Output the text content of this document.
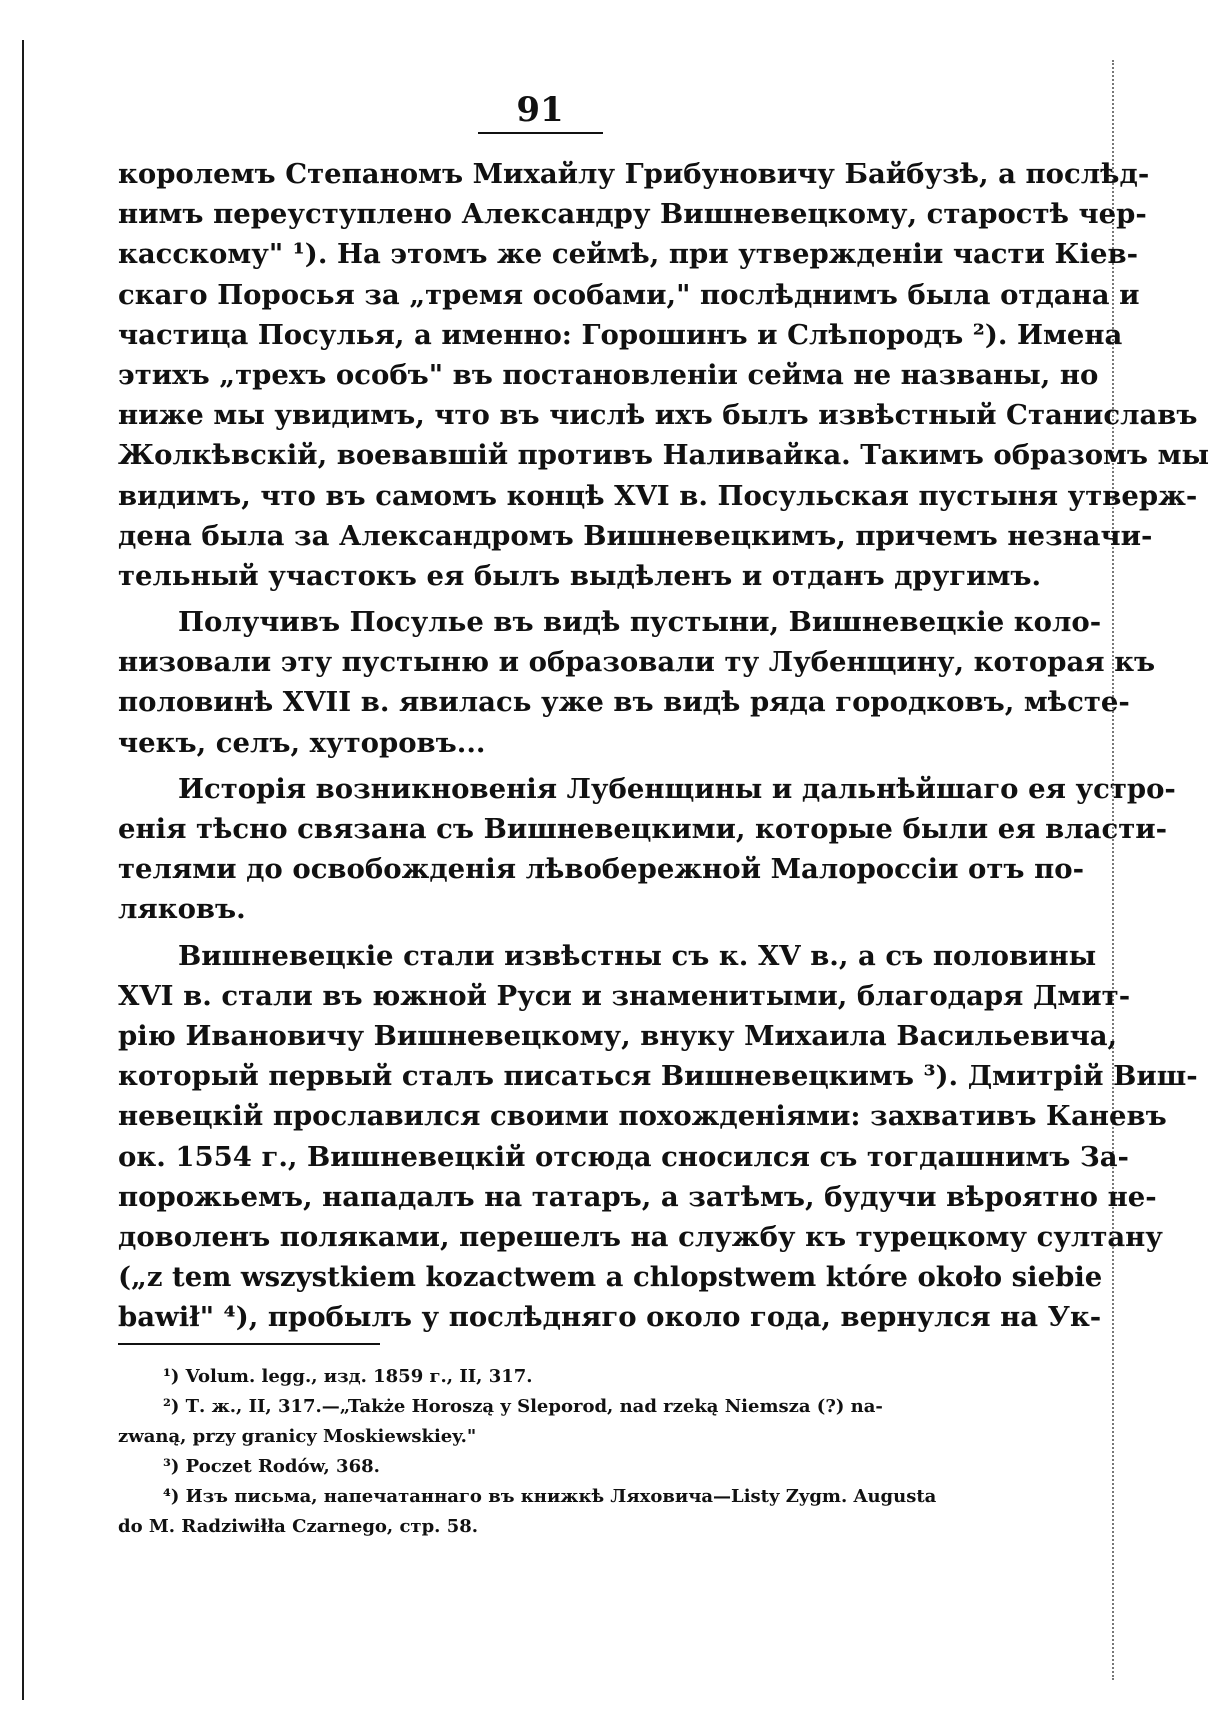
91
королемъ Степаномъ Михайлу Грибуновичу Байбузѣ, а послѣд-
нимъ переуступлено Александру Вишневецкому, старостѣ чер-
касскому" ¹). На этомъ же сеймѣ, при утвержденіи части Кіев-
скаго Поросья за „тремя особами," послѣднимъ была отдана и
частица Посулья, а именно: Горошинъ и Слѣпородъ ²). Имена
этихъ „трехъ особъ" въ постановленіи сейма не названы, но
ниже мы увидимъ, что въ числѣ ихъ былъ извѣстный Станиславъ
Жолкѣвскій, воевавшій противъ Наливайка. Такимъ образомъ мы
видимъ, что въ самомъ концѣ XVI в. Посульская пустыня утверж-
дена была за Александромъ Вишневецкимъ, причемъ незначи-
тельный участокъ ея былъ выдѣленъ и отданъ другимъ.
Получивъ Посулье въ видѣ пустыни, Вишневецкіе коло-
низовали эту пустыню и образовали ту Лубенщину, которая къ
половинѣ XVII в. явилась уже въ видѣ ряда городковъ, мѣсте-
чекъ, селъ, хуторовъ...
Исторія возникновенія Лубенщины и дальнѣйшаго ея устро-
енія тѣсно связана съ Вишневецкими, которые были ея власти-
телями до освобожденія лѣвобережной Малороссіи отъ по-
ляковъ.
Вишневецкіе стали извѣстны съ к. XV в., а съ половины
XVI в. стали въ южной Руси и знаменитыми, благодаря Дмит-
рію Ивановичу Вишневецкому, внуку Михаила Васильевича,
который первый сталъ писаться Вишневецкимъ ³). Дмитрій Виш-
невецкій прославился своими похожденіями: захвативъ Каневъ
ок. 1554 г., Вишневецкій отсюда сносился съ тогдашнимъ За-
порожьемъ, нападалъ на татаръ, а затѣмъ, будучи вѣроятно не-
доволенъ поляками, перешелъ на службу къ турецкому султану
(„z tem wszystkiem kozactwem a chlopstwem które około siebie
bawił" ⁴), пробылъ у послѣдняго около года, вернулся на Ук-
¹) Volum. legg., изд. 1859 г., II, 317.
²) Т. ж., II, 317.—„Także Horoszą y Sleporod, nad rzeką Niemsza (?) na-
zwaną, przy granicy Moskiewskiey."
³) Poczet Rodów, 368.
⁴) Изъ письма, напечатаннаго въ книжкѣ Ляховича—Listy Zygm. Augusta
do M. Radziwiłła Czarnego, стр. 58.
